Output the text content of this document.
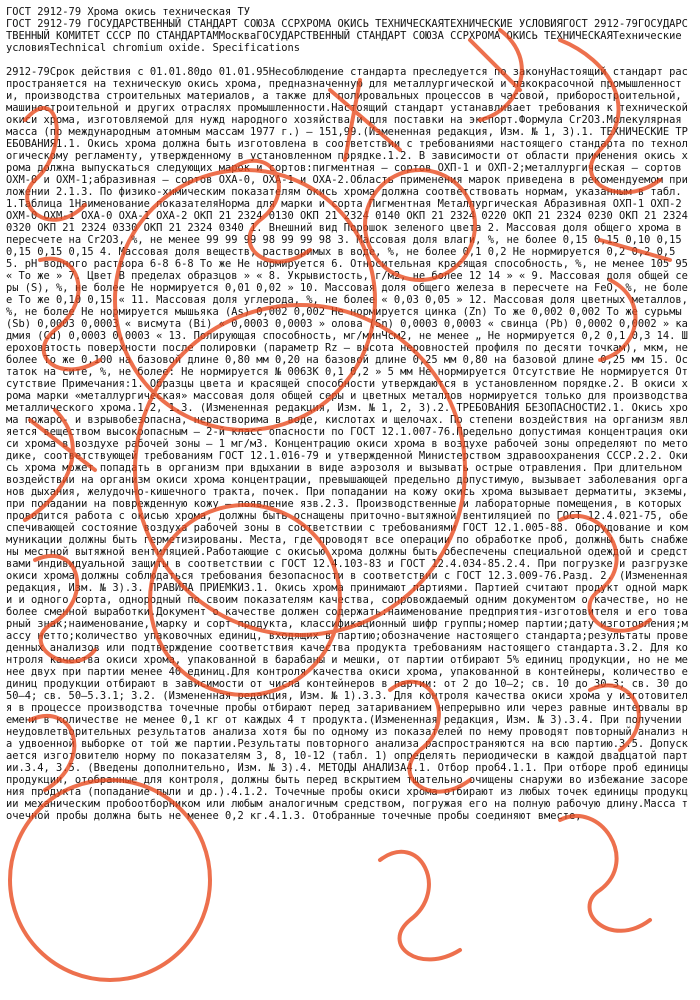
ГОСТ 2912-79 Хрома окись техническая ТУ
ГОСТ 2912-79 ГОСУДАРСТВЕННЫЙ СТАНДАРТ СОЮЗА ССРХРОМА ОКИСЬ ТЕХНИЧЕСКАЯТЕХНИЧЕСКИЕ УСЛОВИЯГОСТ 2912-79ГОСУДАРСТВЕННЫЙ КОМИТЕТ СССР ПО СТАНДАРТАММоскваГОСУДАРСТВЕННЫЙ СТАНДАРТ СОЮЗА ССРХРОМА ОКИСЬ ТЕХНИЧЕСКАЯТехнические условияTechnical chromium oxide. Specifications
2912-79Срок действия с 01.01.80до 01.01.95Несоблюдение стандарта преследуется по законуНастоящий стандарт распространяется на техническую окись хрома, предназначенную для металлургической и лакокрасочной промышленности, производства строительных материалов, а также для полировальных процессов в часовой, приборостроительной, машиностроительной и других отраслях промышленности.Настоящий стандарт устанавливает требования к технической окиси хрома, изготовляемой для нужд народного хозяйства и для поставки на экспорт.Формула Cr2O3.Молекулярная масса (по международным атомным массам 1977 г.) – 151,99.(Измененная редакция, Изм. № 1, 3).1. ТЕХНИЧЕСКИЕ ТРЕБОВАНИЯ1.1. Окись хрома должна быть изготовлена в соответствии с требованиями настоящего стандарта по технологическому регламенту, утвержденному в установленном порядке.1.2. В зависимости от области применения окись хрома должна выпускаться следующих марок и сортов:пигментная – сортов ОХП-1 и ОХП-2;металлургическая – сортов ОХМ-0 и ОХМ-1;абразивная – сортов ОХА-0, ОХА-1 и ОХА-2.Область применения марок приведена в рекомендуемом приложении 2.1.3. По физико-химическим показателям окись хрома должна соответствовать нормам, указанным в табл. 1.Таблица 1Наименование показателяНорма для марки и сорта Пигментная Металлургическая Абразивная ОХП-1 ОХП-2 ОХМ-0 ОХМ-1 ОХА-0 ОХА-1 ОХА-2 ОКП 21 2324 0130 ОКП 21 2324 0140 ОКП 21 2324 0220 ОКП 21 2324 0230 ОКП 21 2324 0320 ОКП 21 2324 0330 ОКП 21 2324 0340 1. Внешний вид Порошок зеленого цвета 2. Массовая доля общего хрома в пересчете на Cr2O3, %, не менее 99 99 99 98 99 99 98 3. Массовая доля влаги, %, не более 0,15 0,15 0,10 0,15 0,15 0,15 0,15 4. Массовая доля веществ, растворимых в воде, %, не более 0,1 0,2 Не нормируется 0,2 0,2 0,5 5. pH водного раствора 6-8 6-8 То же Не нормируется 6. Относительная красящая способность, %, не менее 105 95 « То же » 7. Цвет В пределах образцов » « 8. Укрывистость, г/м2, не более 12 14 » « 9. Массовая доля общей серы (S), %, не более Не нормируется 0,01 0,02 » 10. Массовая доля общего железа в пересчете на FeO, %, не более То же 0,10 0,15 « 11. Массовая доля углерода, %, не более « 0,03 0,05 » 12. Массовая доля цветных металлов, %, не более Не нормируется мышьяка (As) 0,002 0,002 Не нормируется цинка (Zn) То же 0,002 0,002 То же сурьмы (Sb) 0,0003 0,0003 « висмута (Bi) « 0,0003 0,0003 » олова (Sn) 0,0003 0,0003 « свинца (Pb) 0,0002 0,0002 » кадмия (Cd) 0,0003 0,0003 « 13. Полирующая способность, мг/минЧсм2, не менее „ Не нормируется 0,2 0,1 0,3 14. Шероховатость поверхности после полировки (параметр Rz – высота неровностей профиля по десяти точкам), мкм, не более То же 0,100 на базовой длине 0,80 мм 0,20 на базовой длине 0,25 мм 0,80 на базовой длине 0,25 мм 15. Остаток на сите, %, не более: Не нормируется № 0063К 0,1 0,2 » 5 мм Не нормируется Отсутствие Не нормируется Отсутствие Примечания:1. Образцы цвета и красящей способности утверждаются в установленном порядке.2. В окиси хрома марки «металлургическая» массовая доля общей серы и цветных металлов нормируется только для производства металлического хрома.1.2, 1.3. (Измененная редакция, Изм. № 1, 2, 3).2. ТРЕБОВАНИЯ БЕЗОПАСНОСТИ2.1. Окись хрома пожаро- и взрывобезопасна, нерастворима в воде, кислотах и щелочах. По степени воздействия на организм является веществом высокоопасным – 2-й класс опасности по ГОСТ 12.1.007-76.Предельно допустимая концентрация окиси хрома в воздухе рабочей зоны – 1 мг/м3. Концентрацию окиси хрома в воздухе рабочей зоны определяют по методике, соответствующей требованиям ГОСТ 12.1.016-79 и утвержденной Министерством здравоохранения СССР.2.2. Окись хрома может попадать в организм при вдыхании в виде аэрозоля и вызывать острые отравления. При длительном воздействии на организм окиси хрома концентрации, превышающей предельно допустимую, вызывает заболевания органов дыхания, желудочно-кишечного тракта, почек. При попадании на кожу окись хрома вызывает дерматиты, экземы, при попадании на поврежденную кожу – появление язв.2.3. Производственные и лабораторные помещения, в которых проводится работа с окисью хрома, должны быть оснащены приточно-вытяжной вентиляцией по ГОСТ 12.4.021-75, обеспечивающей состояние воздуха рабочей зоны в соответствии с требованиями ГОСТ 12.1.005-88. Оборудование и коммуникации должны быть герметизированы. Места, где проводят все операции по обработке проб, должны быть снабжены местной вытяжной вентиляцией.Работающие с окисью хрома должны быть обеспечены специальной одеждой и средствами индивидуальной защиты в соответствии с ГОСТ 12.4.103-83 и ГОСТ 12.4.034-85.2.4. При погрузке и разгрузке окиси хрома должны соблюдаться требования безопасности в соответствии с ГОСТ 12.3.009-76.Разд. 2. (Измененная редакция, Изм. № 3).3. ПРАВИЛА ПРИЕМКИ3.1. Окись хрома принимают партиями. Партией считают продукт одной марки и одного сорта, однородный по своим показателям качества, сопровождаемый одним документом о качестве, но не более сменной выработки.Документ о качестве должен содержать:наименование предприятия-изготовителя и его товарный знак;наименование, марку и сорт продукта, классификационный шифр группы;номер партии;дату изготовления;массу нетто;количество упаковочных единиц, входящих в партию;обозначение настоящего стандарта;результаты проведенных анализов или подтверждение соответствия качества продукта требованиям настоящего стандарта.3.2. Для контроля качества окиси хрома, упакованной в барабаны и мешки, от партии отбирают 5% единиц продукции, но не менее двух при партии менее 40 единиц.Для контроля качества окиси хрома, упакованной в контейнеры, количество единиц продукции отбирают в зависимости от числа контейнеров в партии: от 2 до 10–2; св. 10 до 30–3; св. 30 до 50–4; св. 50–5.3.1; 3.2. (Измененная редакция, Изм. № 1).3.3. Для контроля качества окиси хрома у изготовителя в процессе производства точечные пробы отбирают перед затариванием непрерывно или через равные интервалы времени в количестве не менее 0,1 кг от каждых 4 т продукта.(Измененная редакция, Изм. № 3).3.4. При получении неудовлетворительных результатов анализа хотя бы по одному из показателей по нему проводят повторный анализ на удвоенной выборке от той же партии.Результаты повторного анализа распространяются на всю партию.3.5. Допускается изготовителю норму по показателям 3, 8, 10-12 (табл. 1) определять периодически в каждой двадцатой партии.3.4, 3.5. (Введены дополнительно, Изм. № 3).4. МЕТОДЫ АНАЛИЗА4.1. Отбор проб4.1.1. При отборе проб единицы продукции, отобранные для контроля, должны быть перед вскрытием тщательно очищены снаружи во избежание засорения продукта (попадание пыли и др.).4.1.2. Точечные пробы окиси хрома отбирают из любых точек единицы продукции механическим пробоотборником или любым аналогичным средством, погружая его на полную рабочую длину.Масса точечной пробы должна быть не менее 0,2 кг.4.1.3. Отобранные точечные пробы соединяют вместе,
